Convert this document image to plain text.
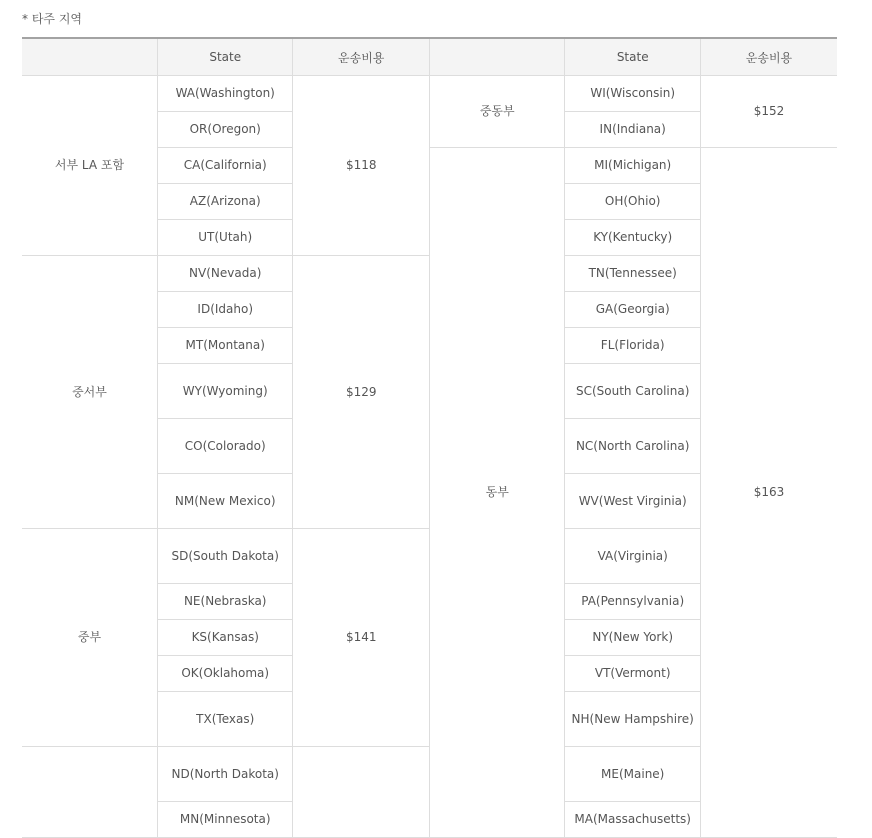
* 타주 지역
	State	운송비용		State	운송비용
서부 LA 포함	WA(Washington)	$118	중동부	WI(Wisconsin)	$152
	OR(Oregon)			IN(Indiana)	
	CA(California)		동부	MI(Michigan)	$163
	AZ(Arizona)			OH(Ohio)	
	UT(Utah)			KY(Kentucky)	
중서부	NV(Nevada)	$129		TN(Tennessee)	
	ID(Idaho)			GA(Georgia)	
	MT(Montana)			FL(Florida)	
	WY(Wyoming)			SC(South Carolina)	
	CO(Colorado)			NC(North Carolina)	
	NM(New Mexico)			WV(West Virginia)	
중부	SD(South Dakota)	$141		VA(Virginia)	
	NE(Nebraska)			PA(Pennsylvania)	
	KS(Kansas)			NY(New York)	
	OK(Oklahoma)			VT(Vermont)	
	TX(Texas)			NH(New Hampshire)	
	ND(North Dakota)			ME(Maine)	
	MN(Minnesota)			MA(Massachusetts)	
